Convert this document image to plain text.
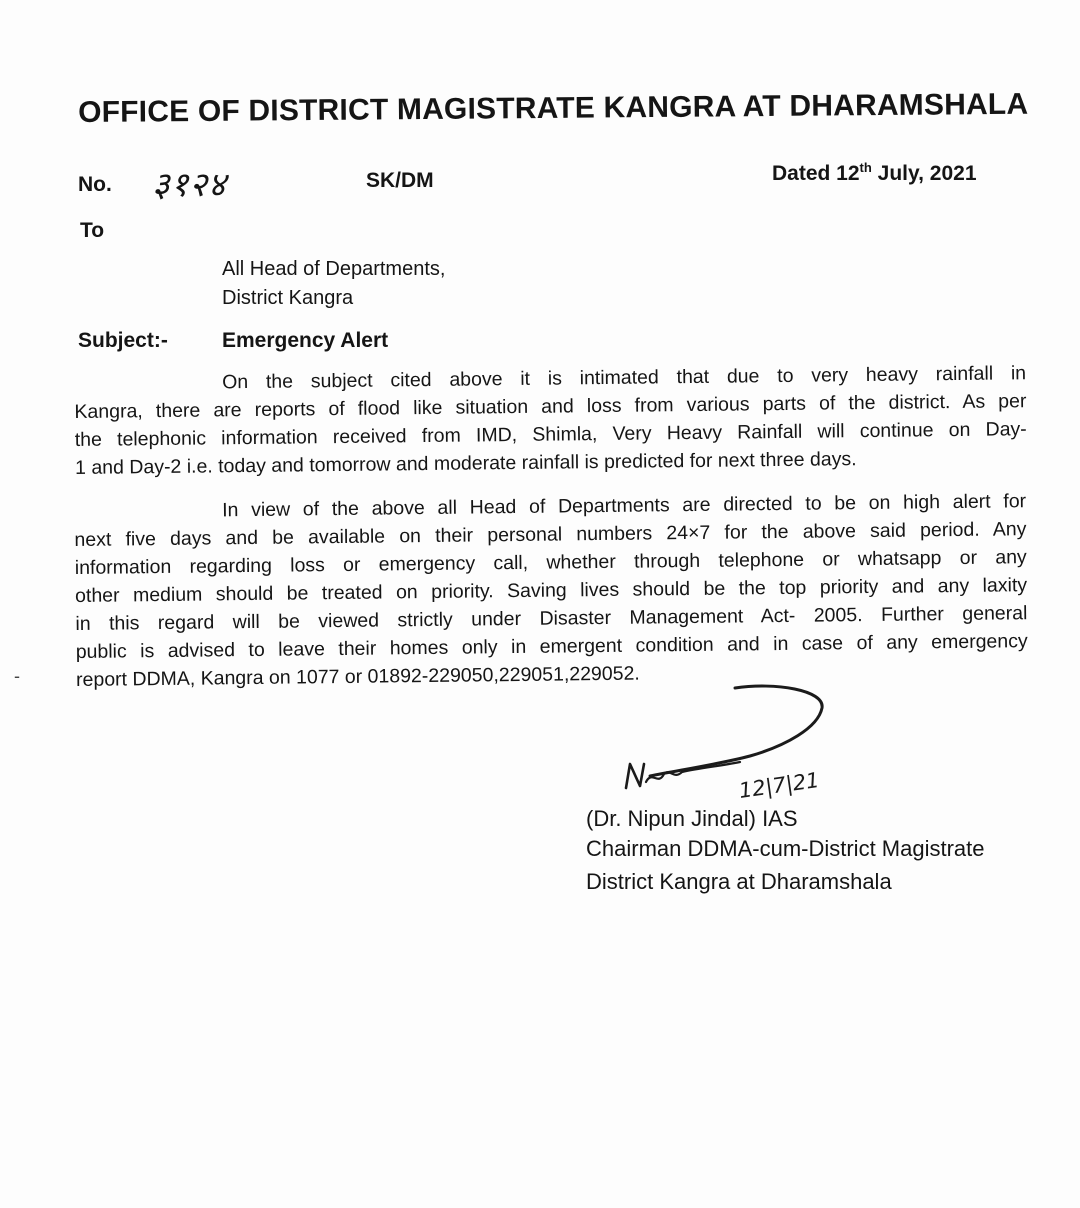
OFFICE OF DISTRICT MAGISTRATE KANGRA AT DHARAMSHALA
No. ३१२४	SK/DM	Dated 12th July, 2021
To
All Head of Departments,
District Kangra
Subject:-	Emergency Alert
On the subject cited above it is intimated that due to very heavy rainfall in
Kangra, there are reports of flood like situation and loss from various parts of the district. As per
the telephonic information received from IMD, Shimla, Very Heavy Rainfall will continue on Day-
1 and Day-2 i.e. today and tomorrow and moderate rainfall is predicted for next three days.
In view of the above all Head of Departments are directed to be on high alert for
next five days and be available on their personal numbers 24×7 for the above said period. Any
information regarding loss or emergency call, whether through telephone or whatsapp or any
other medium should be treated on priority. Saving lives should be the top priority and any laxity
in this regard will be viewed strictly under Disaster Management Act- 2005. Further general
public is advised to leave their homes only in emergent condition and in case of any emergency
report DDMA, Kangra on 1077 or 01892-229050,229051,229052.
12|7|21
(Dr. Nipun Jindal) IAS
Chairman DDMA-cum-District Magistrate
District Kangra at Dharamshala
-
